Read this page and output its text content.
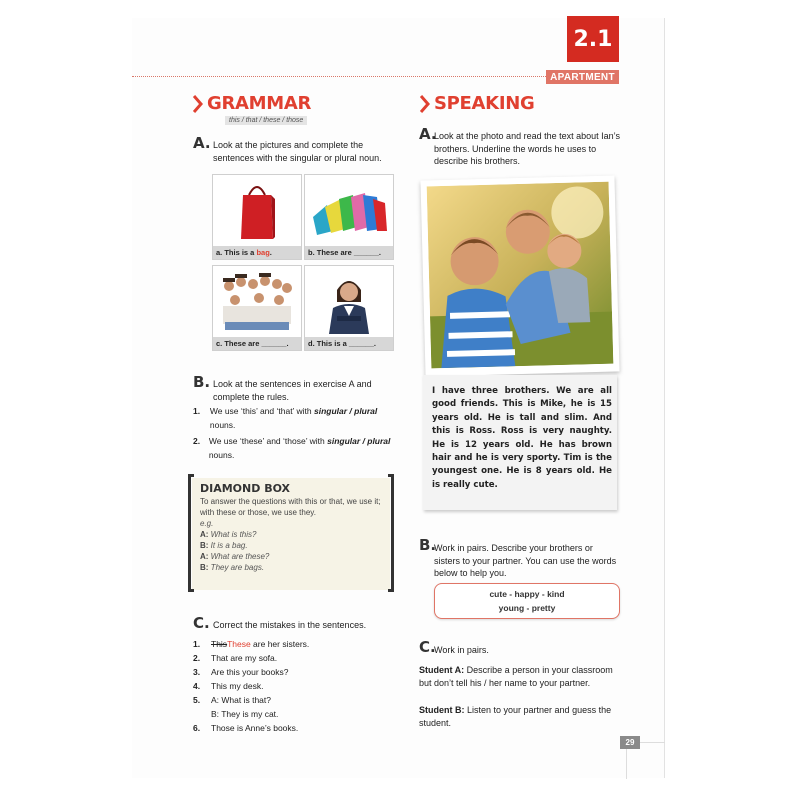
2.1
APARTMENT
GRAMMAR
this / that / these / those
A. Look at the pictures and complete the sentences with the singular or plural noun.
a. This is a bag.	b. These are ______.
c. These are ______.	d. This is a ______.
B. Look at the sentences in exercise A and complete the rules.
1.	We use ‘this’ and ‘that’ with singular / plural nouns.
2.	We use ‘these’ and ‘those’ with singular / plural nouns.
DIAMOND BOX
To answer the questions with this or that, we use it; with these or those, we use they.
e.g.
A: What is this?
B: It is a bag.
A: What are these?
B: They are bags.
C. Correct the mistakes in the sentences.
1.	ThisThese are her sisters.
2.	That are my sofa.
3.	Are this your books?
4.	This my desk.
5.	A: What is that?
B: They is my cat.
6.	Those is Anne’s books.
SPEAKING
A.
Look at the photo and read the text about Ian’s brothers. Underline the words he uses to describe his brothers.
I have three brothers. We are all good friends. This is Mike, he is 15 years old. He is tall and slim. And this is Ross. Ross is very naughty. He is 12 years old. He has brown hair and he is very sporty. Tim is the youngest one. He is 8 years old. He is really cute.
B.
Work in pairs. Describe your brothers or sisters to your partner. You can use the words below to help you.
cute - happy - kind
young - pretty
C.
Work in pairs.
Student A: Describe a person in your classroom but don’t tell his / her name to your partner.
Student B: Listen to your partner and guess the student.
29
